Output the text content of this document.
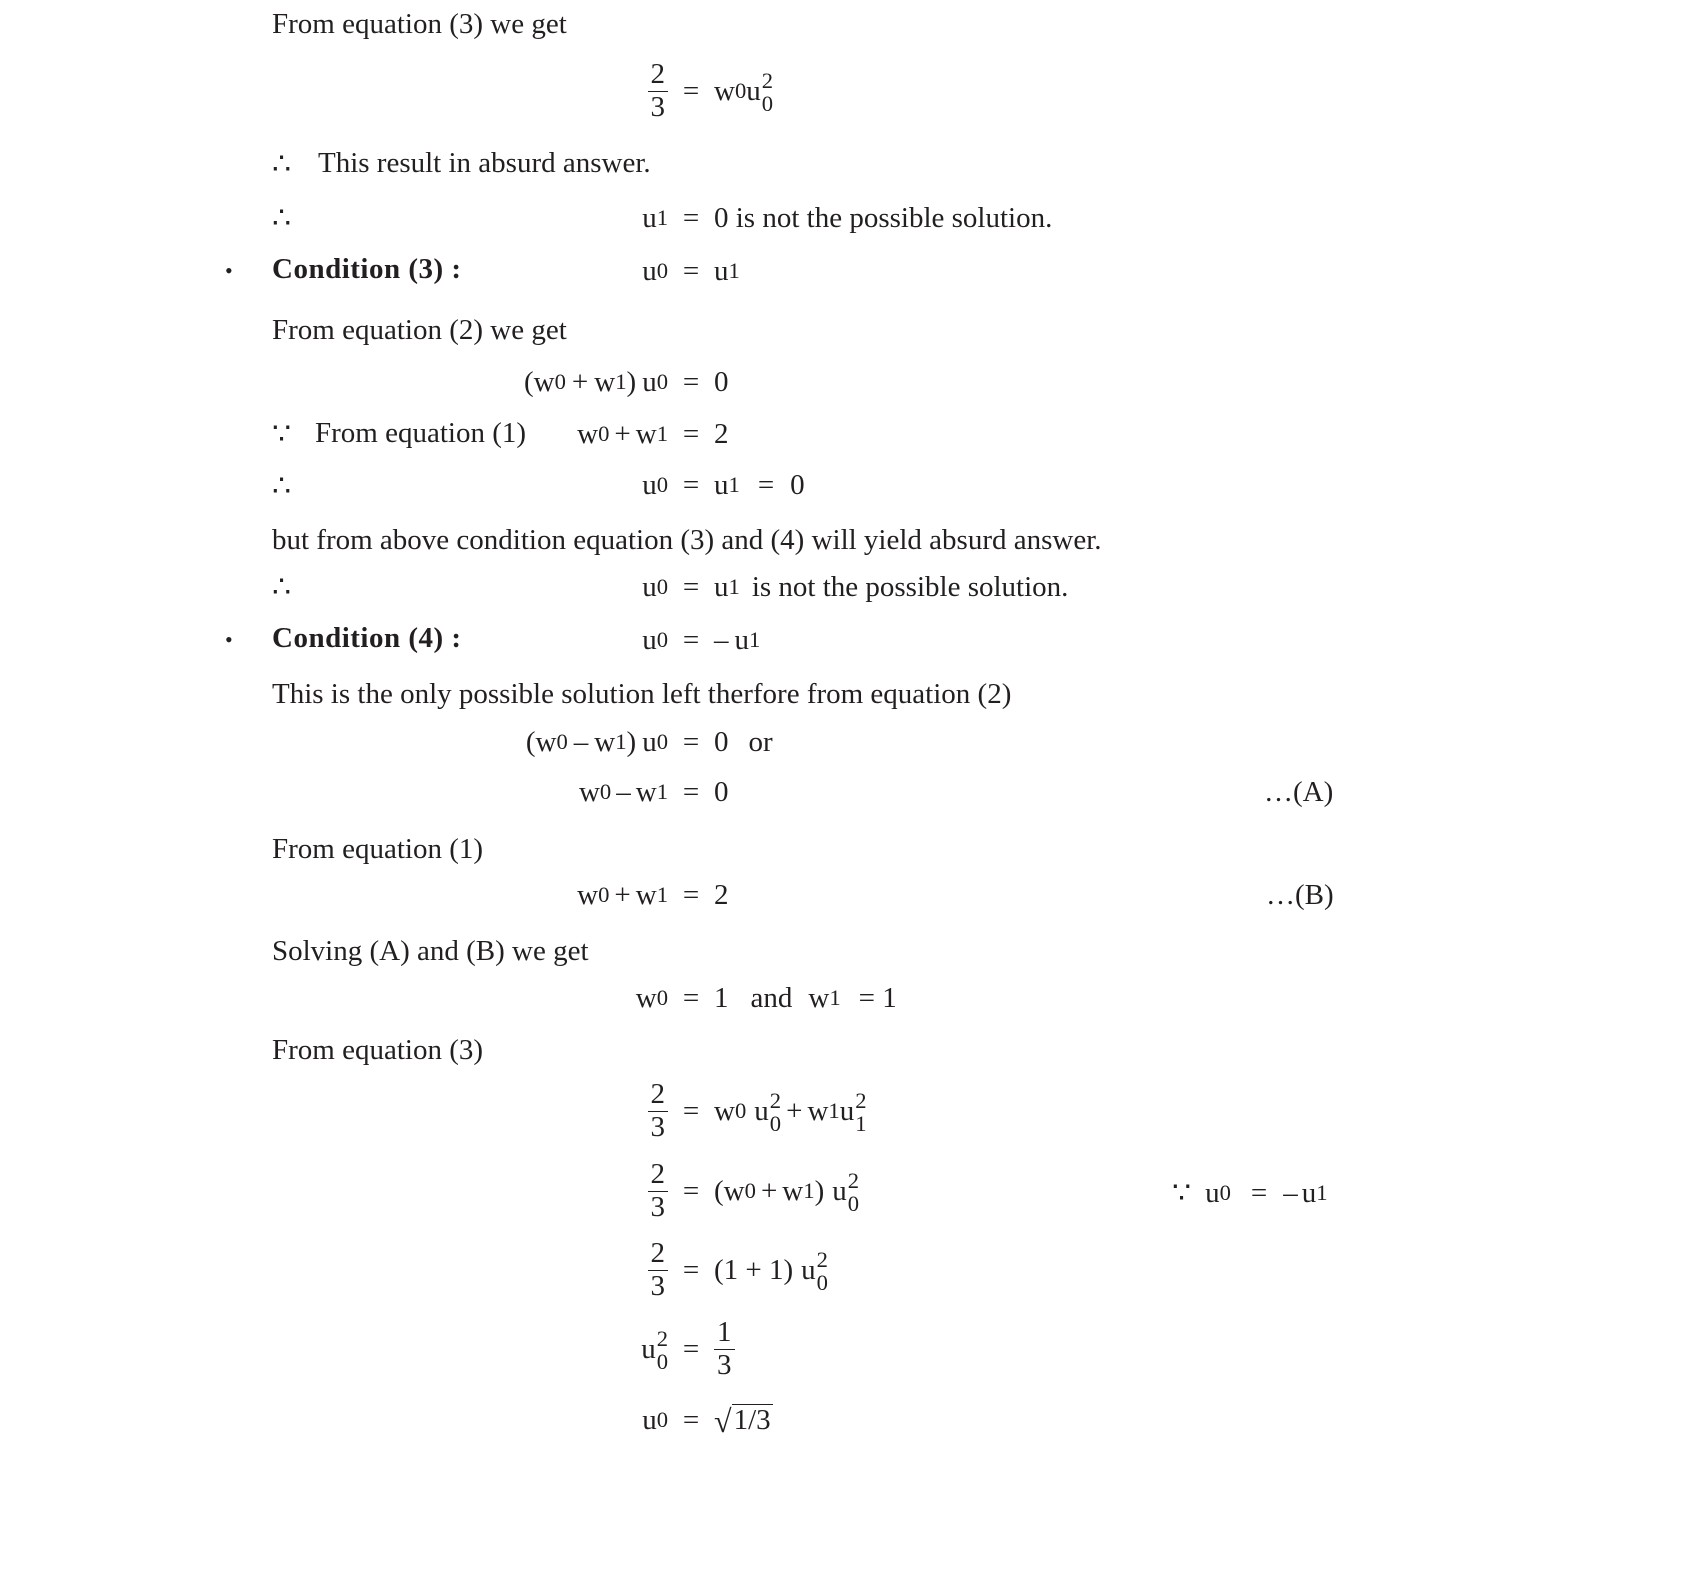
From equation (3) we get
$\frac{2}{3} = w$ 0 u 2
0
∴ This result in absurd answer.
∴	u 1 = 0 is not the possible solution.
• Condition (3) :	u 0 = u 1
From equation (2) we get
( w 0 + w 1 ) u 0 = 0
∵ From equation (1) w 0 + w 1 = 2
∴	u 0 = u 1 = 0
but from above condition equation (3) and (4) will yield absurd answer.
∴	u 0 = u 1 is not the possible solution.
• Condition (4) :	u 0 = – u 1
This is the only possible solution left therfore from equation (2)
( w 0 – w 1 ) u 0 = 0 or
w 0 – w 1 = 0	…(A)
From equation (1)
w 0 + w 1 = 2	…(B)
Solving (A) and (B) we get
w 0 = 1 and w 1 = 1
From equation (3)
$\frac{2}{3} = w$ 0 u 2
0 + w 1 u 2
1
$\frac{2}{3}$ = ( w 0 + w 1 ) u 2
0	∵ u 0 = – u 1
$\frac{2}{3} = (1 + 1)$ u 2
0
u 2
$0 = \frac{1}{3}$
u 0 = √ 1/3
